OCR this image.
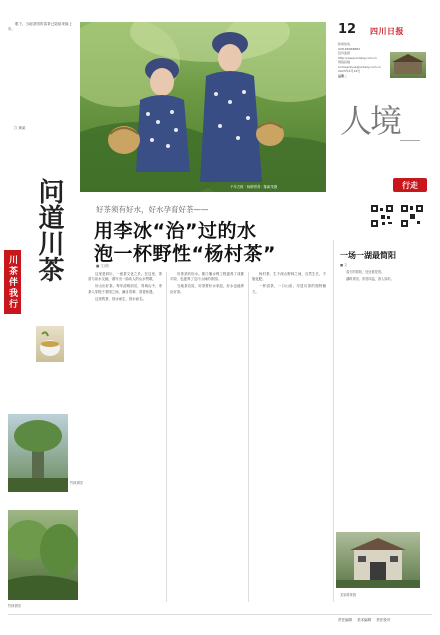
眼下，当地茶园的春茶已陆续采摘上市。

□ 黄某
千年古树 · 杨柳青青 · 陈新茂摄
12 四川日报
新闻热线
028-86968882
投诉监督
http://www.scdaily.com.cn
网络投稿
scrbwenhua@scdaily.com.cn
2023年4月18日
星期二
人境
行走
问道川茶
川茶伴我行
好茶须有好水，好水孕育好茶——
用李冰“治”过的水
泡一杯野性“杨村茶”
■ 文/图

这里是四川，一座茶文化之乡。在这里，茶香与泉水交融，谱写出一曲动人的山水赞歌。

好山出好茶。每年清明前后，青城山中，采茶人穿梭于茶园之间，满目青翠，茶香弥漫。

这里的茶，因水而生，因水而名。

好茶须有好水。都江堰水利工程滋养了成都平原，也滋养了这片山间的茶园。

当地茶农说，好茶要好水来泡，好水也能养出好茶。

杨村茶，生于深山野林之间，自然生长，不施化肥。

一杯清茶，一口山泉，尽显川茶的独特魅力。

竹林茶园
竹林茶园
一场一湖最简阳
■ 文

春天的简阳，处处都是景。

湖畔茶园，茶香四溢，游人如织。

龙泉驿茶园
责任编辑 美术编辑 责任校对
